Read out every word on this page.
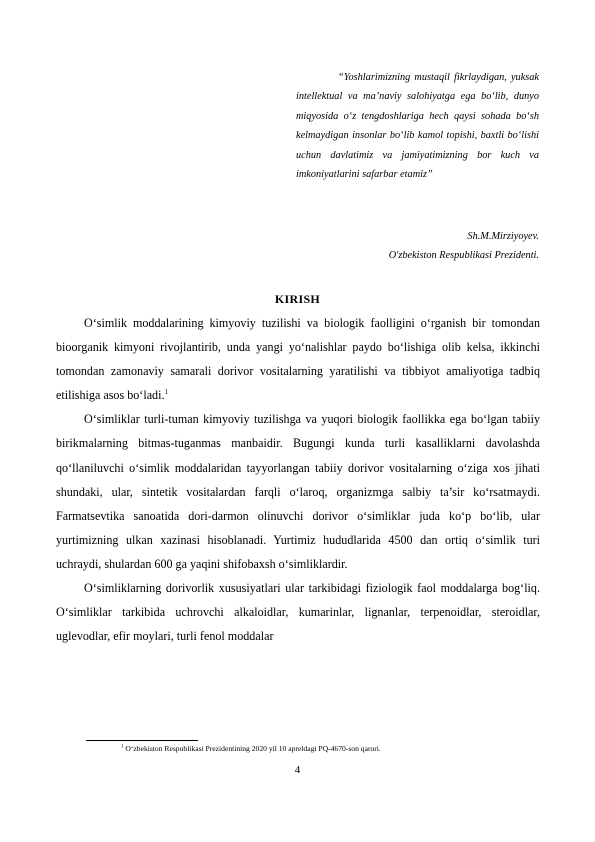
“Yoshlarimizning mustaqil fikrlaydigan, yuksak intellektual va ma’naviy salohiyatga ega bo‘lib, dunyo miqyosida o‘z tengdoshlariga hech qaysi sohada bo‘sh kelmaydigan insonlar bo‘lib kamol topishi, baxtli bo‘lishi uchun davlatimiz va jamiyatimizning bor kuch va imkoniyatlarini safarbar etamiz”

Sh.M.Mirziyoyev.
O'zbekiston Respublikasi Prezidenti.
KIRISH

O‘simlik moddalarining kimyoviy tuzilishi va biologik faolligini o‘rganish bir tomondan bioorganik kimyoni rivojlantirib, unda yangi yo‘nalishlar paydo bo‘lishiga olib kelsa, ikkinchi tomondan zamonaviy samarali dorivor vositalarning yaratilishi va tibbiyot amaliyotiga tadbiq etilishiga asos bo‘ladi.$^1$

O‘simliklar turli-tuman kimyoviy tuzilishga va yuqori biologik faollikka ega bo‘lgan tabiiy birikmalarning bitmas-tuganmas manbaidir. Bugungi kunda turli kasalliklarni davolashda qo‘llaniluvchi o‘simlik moddalaridan tayyorlangan tabiiy dorivor vositalarning o‘ziga xos jihati shundaki, ular, sintetik vositalardan farqli o‘laroq, organizmga salbiy ta’sir ko‘rsatmaydi. Farmatsevtika sanoatida dori-darmon olinuvchi dorivor o‘simliklar juda ko‘p bo‘lib, ular yurtimizning ulkan xazinasi hisoblanadi. Yurtimiz hududlarida 4500 dan ortiq o‘simlik turi uchraydi, shulardan 600 ga yaqini shifobaxsh o‘simliklardir.

O‘simliklarning dorivorlik xususiyatlari ular tarkibidagi fiziologik faol moddalarga bog‘liq. O‘simliklar tarkibida uchrovchi alkaloidlar, kumarinlar, lignanlar, terpenoidlar, steroidlar, uglevodlar, efir moylari, turli fenol moddalar

$^1$ O‘zbekiston Respublikasi Prezidentining 2020 yil 10 apreldagi PQ-4670-son qarori.
4
